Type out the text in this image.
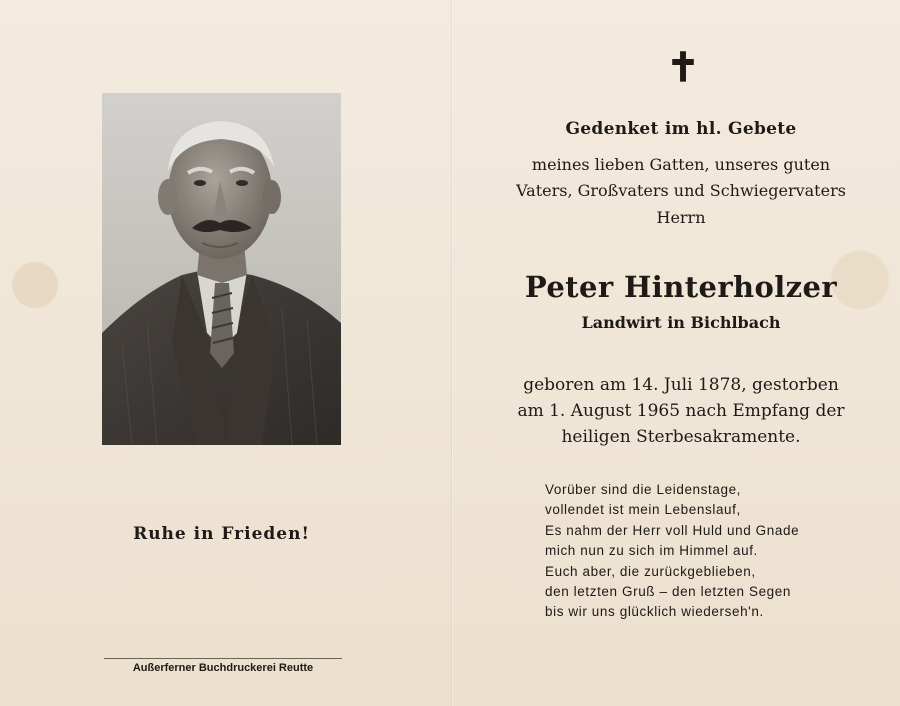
Ruhe in Frieden!
Außerferner Buchdruckerei Reutte
✝
Gedenket im hl. Gebete
meines lieben Gatten, unseres guten
Vaters, Großvaters und Schwiegervaters
Herrn
Peter Hinterholzer
Landwirt in Bichlbach
geboren am 14. Juli 1878, gestorben
am 1. August 1965 nach Empfang der
heiligen Sterbesakramente.
Vorüber sind die Leidenstage,
vollendet ist mein Lebenslauf,
Es nahm der Herr voll Huld und Gnade
mich nun zu sich im Himmel auf.
Euch aber, die zurückgeblieben,
den letzten Gruß – den letzten Segen
bis wir uns glücklich wiederseh'n.
